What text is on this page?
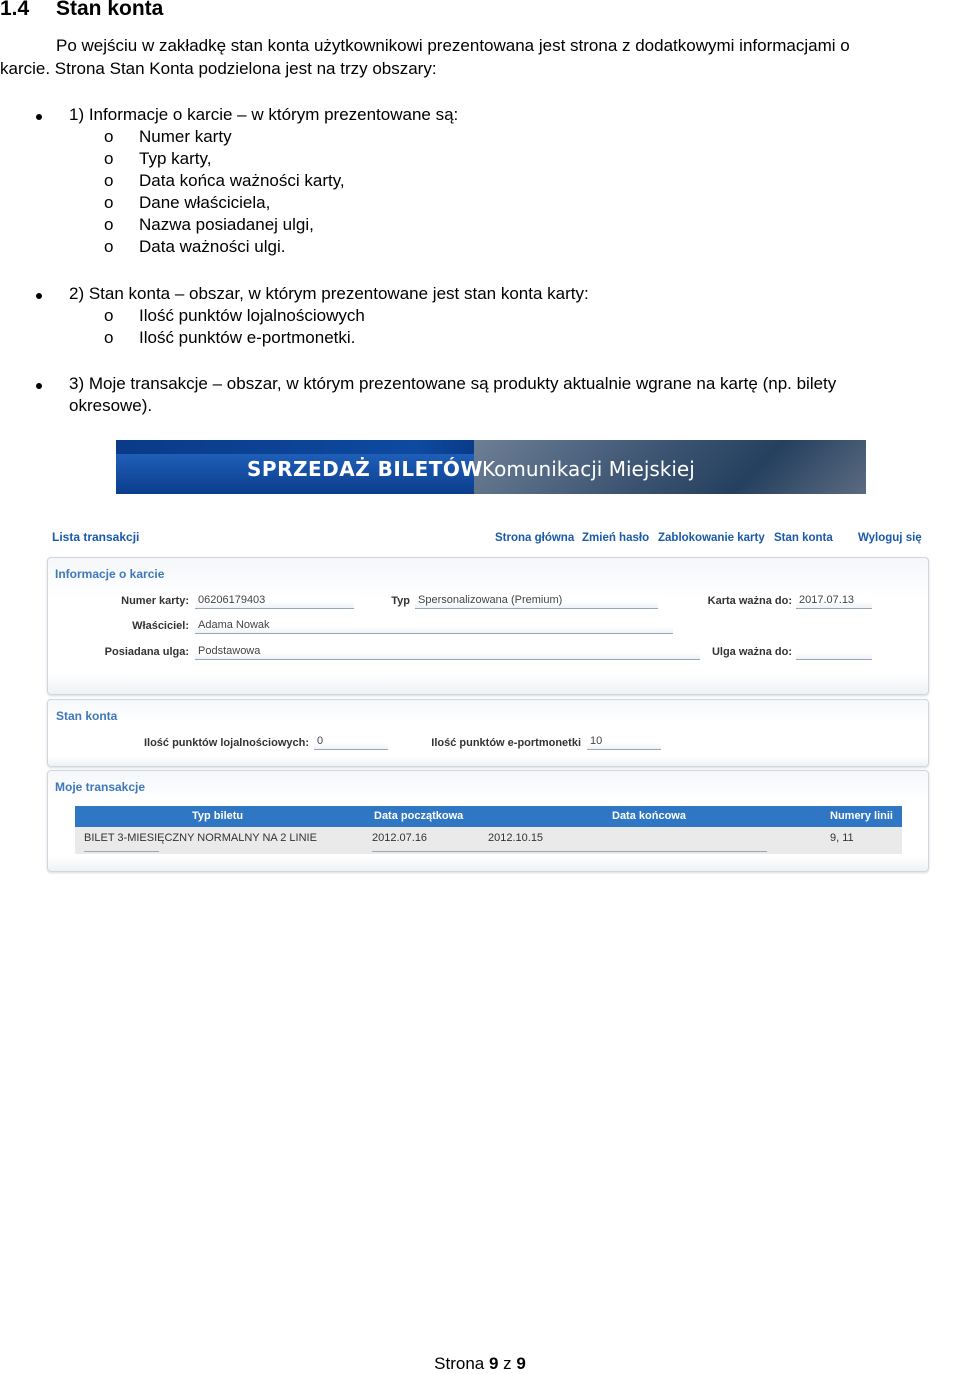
1.4 Stan konta
Po wejściu w zakładkę stan konta użytkownikowi prezentowana jest strona z dodatkowymi informacjami o
karcie. Strona Stan Konta podzielona jest na trzy obszary:
1) Informacje o karcie – w którym prezentowane są:
o Numer karty
o Typ karty,
o Data końca ważności karty,
o Dane właściciela,
o Nazwa posiadanej ulgi,
o Data ważności ulgi.
2) Stan konta – obszar, w którym prezentowane jest stan konta karty:
o Ilość punktów lojalnościowych
o Ilość punktów e-portmonetki.
3) Moje transakcje – obszar, w którym prezentowane są produkty aktualnie wgrane na kartę (np. bilety
okresowe).
SPRZEDAŻ BILETÓW Komunikacji Miejskiej
Lista transakcji	Strona główna Zmień hasło Zablokowanie karty Stan konta Wyloguj się
Informacje o karcie
Numer karty: 06206179403	Typ Spersonalizowana (Premium)	Karta ważna do: 2017.07.13
Właściciel: Adama Nowak
Posiadana ulga: Podstawowa	Ulga ważna do:
Stan konta
Ilość punktów lojalnościowych: 0	Ilość punktów e-portmonetki 10
Moje transakcje
Typ biletu	Data początkowa	Data końcowa	Numery linii
BILET 3-MIESIĘCZNY NORMALNY NA 2 LINIE	2012.07.16	2012.10.15	9, 11
Strona 9 z 9
